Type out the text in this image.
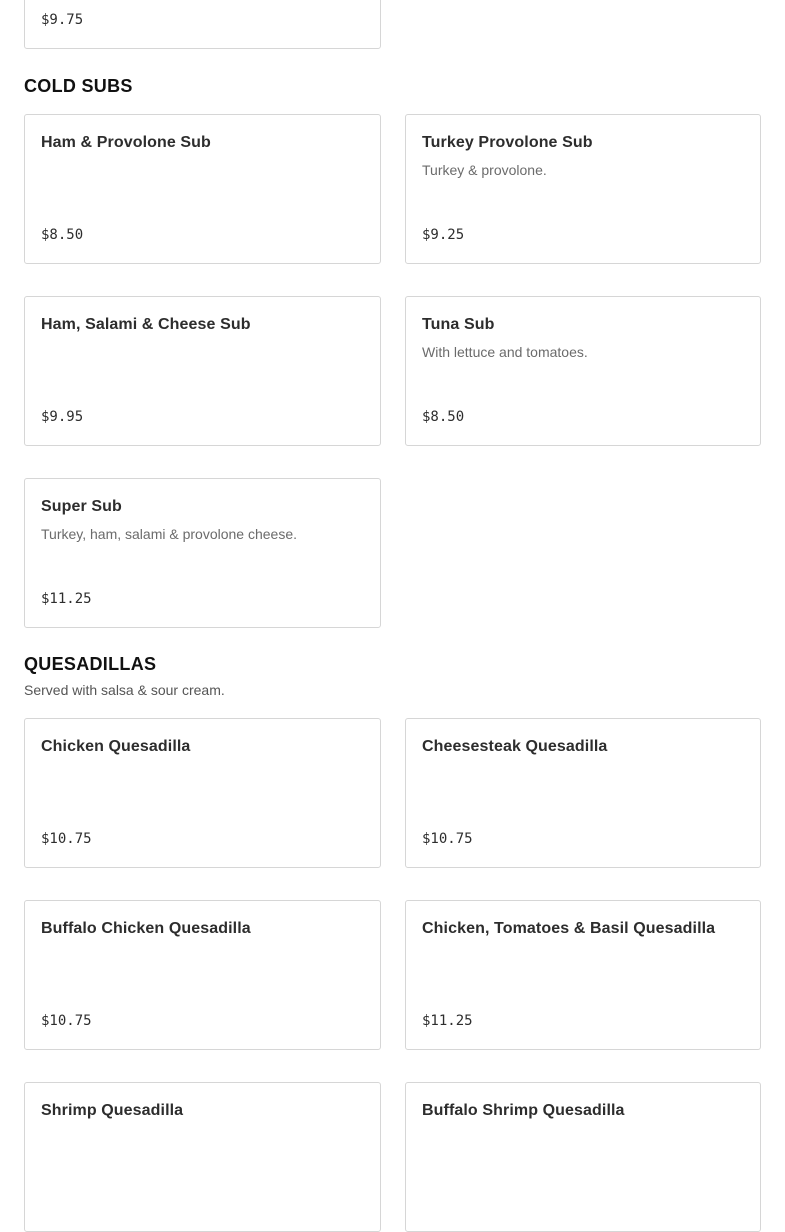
$9.75
COLD SUBS
Ham & Provolone Sub
$8.50
Turkey Provolone Sub
Turkey & provolone.
$9.25
Ham, Salami & Cheese Sub
$9.95
Tuna Sub
With lettuce and tomatoes.
$8.50
Super Sub
Turkey, ham, salami & provolone cheese.
$11.25
QUESADILLAS
Served with salsa & sour cream.
Chicken Quesadilla
$10.75
Cheesesteak Quesadilla
$10.75
Buffalo Chicken Quesadilla
$10.75
Chicken, Tomatoes & Basil Quesadilla
$11.25
Shrimp Quesadilla	Buffalo Shrimp Quesadilla
